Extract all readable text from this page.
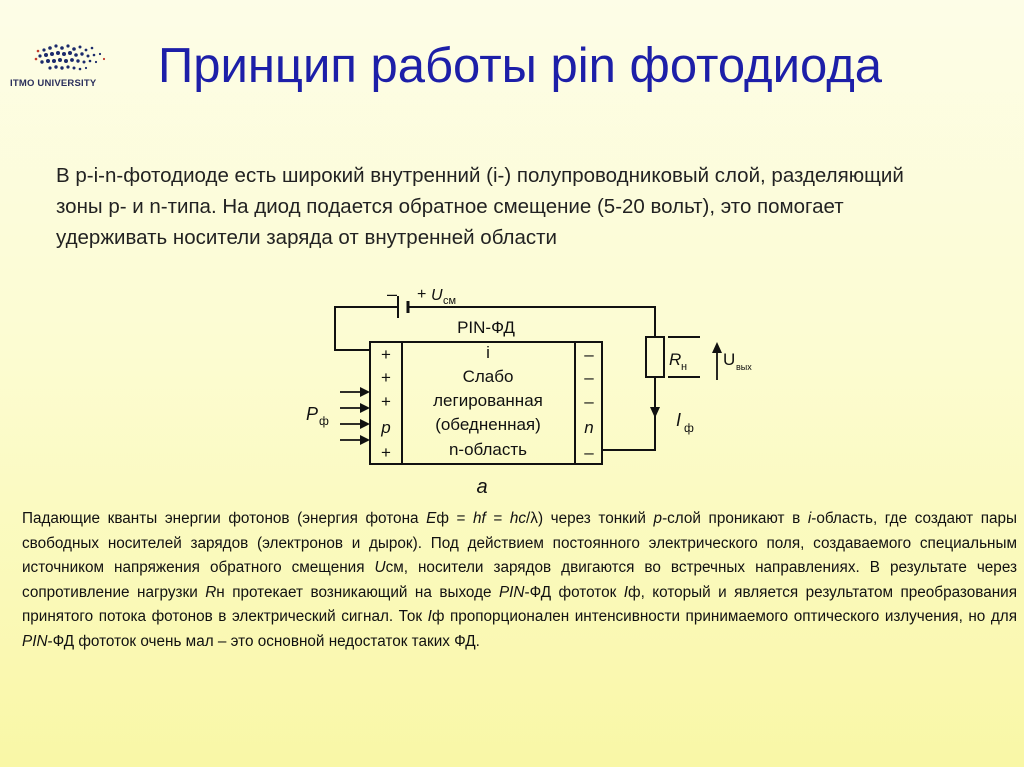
ITMO UNIVERSITY	Принцип работы pin фотодиода
В p-i-n-фотодиоде есть широкий внутренний (i-) полупроводниковый слой, разделяющий зоны p- и n-типа. На диод подается обратное смещение (5-20 вольт), это помогает удерживать носители заряда от внутренней области
– + U см
PIN-ФД
+
+
+
p
+
i
Слабо
легированная
(обедненная)
n-область
–
–
–
n
–
P ф
R н U вых
I ф
a
Падающие кванты энергии фотонов (энергия фотона Eф = hf = hc/λ) через тонкий p-слой проникают в i-область, где создают пары свободных носителей зарядов (электронов и дырок). Под действием постоянного электрического поля, создаваемого специальным источником напряжения обратного смещения Uсм, носители зарядов двигаются во встречных направлениях. В результате через сопротивление нагрузки Rн протекает возникающий на выходе PIN-ФД фототок Iф, который и является результатом преобразования принятого потока фотонов в электрический сигнал. Ток Iф пропорционален интенсивности принимаемого оптического излучения, но для PIN-ФД фототок очень мал – это основной недостаток таких ФД.
